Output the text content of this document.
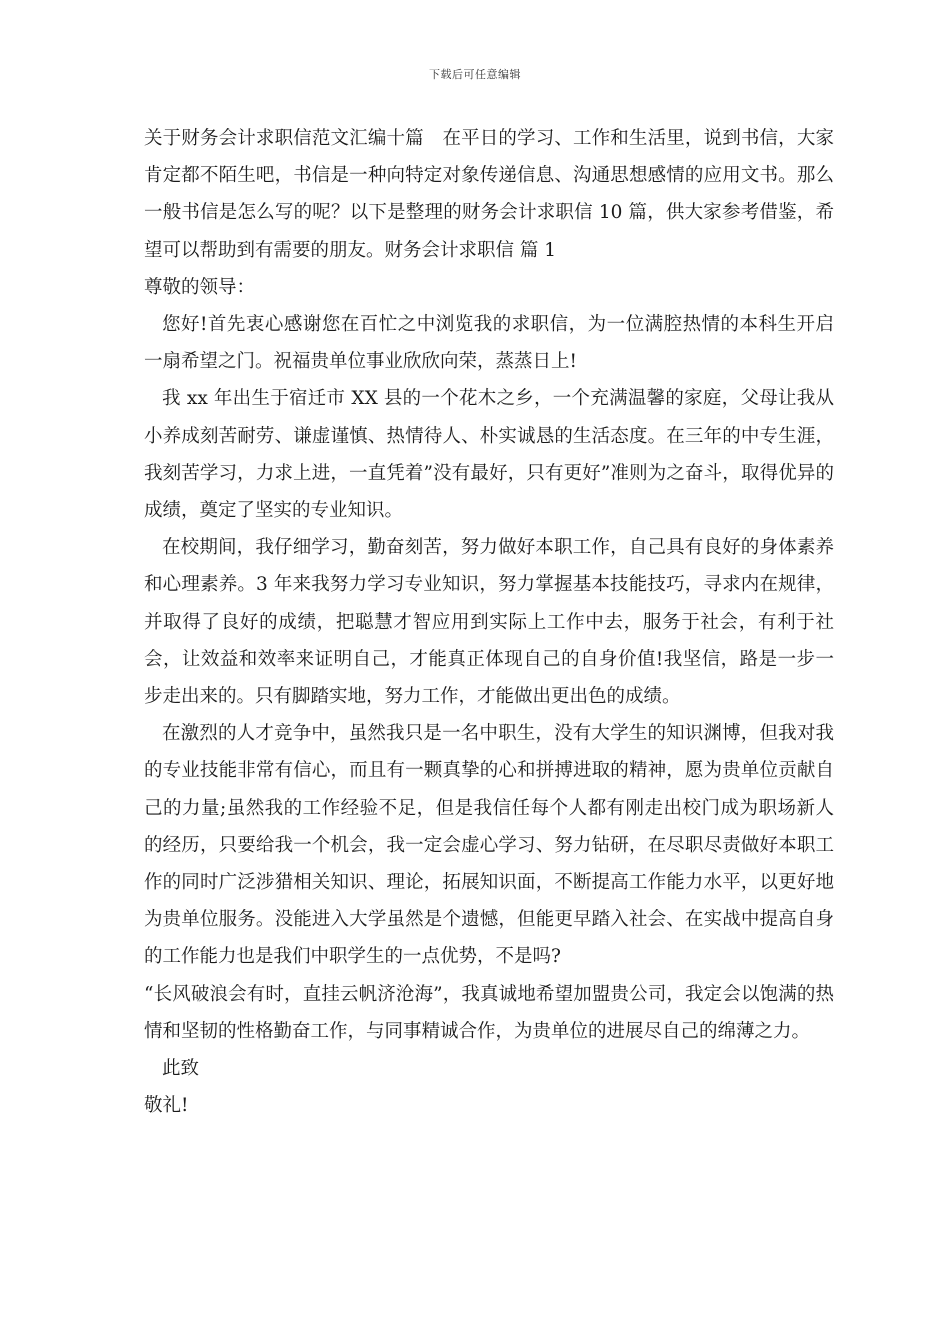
下载后可任意编辑

关于财务会计求职信范文汇编十篇　在平日的学习、工作和生活里，说到书信，大家肯定都不陌生吧，书信是一种向特定对象传递信息、沟通思想感情的应用文书。那么一般书信是怎么写的呢？以下是整理的财务会计求职信 10 篇，供大家参考借鉴，希望可以帮助到有需要的朋友。财务会计求职信 篇 1

尊敬的领导：

您好!首先衷心感谢您在百忙之中浏览我的求职信，为一位满腔热情的本科生开启一扇希望之门。祝福贵单位事业欣欣向荣，蒸蒸日上!

我 xx 年出生于宿迁市 XX 县的一个花木之乡，一个充满温馨的家庭，父母让我从小养成刻苦耐劳、谦虚谨慎、热情待人、朴实诚恳的生活态度。在三年的中专生涯，我刻苦学习，力求上进，一直凭着”没有最好，只有更好”准则为之奋斗，取得优异的成绩，奠定了坚实的专业知识。

在校期间，我仔细学习，勤奋刻苦，努力做好本职工作，自己具有良好的身体素养和心理素养。3 年来我努力学习专业知识，努力掌握基本技能技巧，寻求内在规律，并取得了良好的成绩，把聪慧才智应用到实际上工作中去，服务于社会，有利于社会，让效益和效率来证明自己，才能真正体现自己的自身价值!我坚信，路是一步一步走出来的。只有脚踏实地，努力工作，才能做出更出色的成绩。

在激烈的人才竞争中，虽然我只是一名中职生，没有大学生的知识渊博，但我对我的专业技能非常有信心，而且有一颗真挚的心和拼搏进取的精神，愿为贵单位贡献自己的力量;虽然我的工作经验不足，但是我信任每个人都有刚走出校门成为职场新人的经历，只要给我一个机会，我一定会虚心学习、努力钻研，在尽职尽责做好本职工作的同时广泛涉猎相关知识、理论，拓展知识面，不断提高工作能力水平，以更好地为贵单位服务。没能进入大学虽然是个遗憾，但能更早踏入社会、在实战中提高自身的工作能力也是我们中职学生的一点优势，不是吗?

“长风破浪会有时，直挂云帆济沧海”，我真诚地希望加盟贵公司，我定会以饱满的热情和坚韧的性格勤奋工作，与同事精诚合作，为贵单位的进展尽自己的绵薄之力。

此致

敬礼!
